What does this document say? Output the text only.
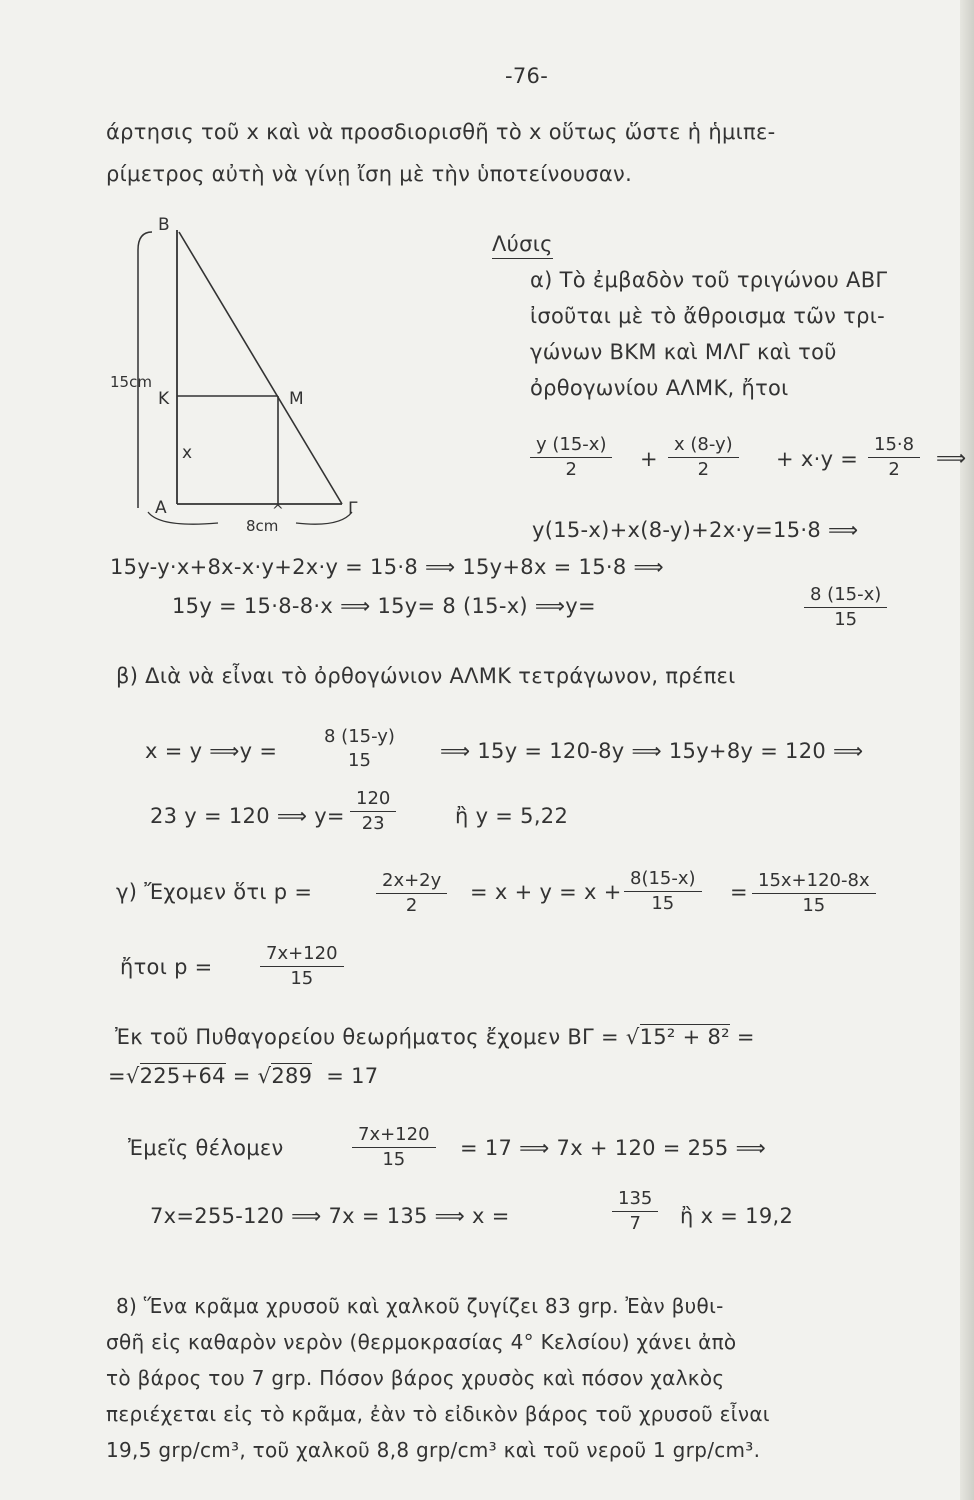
-76-
άρτησις τοῦ x καὶ νὰ προσδιορισθῆ τὸ x οὕτως ὥστε ἡ ἡμιπε-
ρίμετρος αὐτὴ νὰ γίνῃ ἴση μὲ τὴν ὑποτείνουσαν.
B
K	M
A	Γ
x
15cm
8cm
^
Λύσις
α) Τὸ ἐμβαδὸν τοῦ τριγώνου ΑΒΓ
ἰσοῦται μὲ τὸ ἄθροισμα τῶν τρι-
γώνων ΒΚΜ καὶ ΜΛΓ καὶ τοῦ
ὀρθογωνίου ΑΛΜΚ, ἤτοι
$\frac{y (15-x)}{2} + \frac{x (8-y)}{2} + x\cdot y = \frac{15\cdot 8}{2}$ ⟹
y(15-x)+x(8-y)+2x·y=15·8 ⟹
15y-y·x+8x-x·y+2x·y = 15·8 ⟹ 15y+8x = 15·8 ⟹
15y = 15·8-8·x ⟹ 15y= 8 (15-x) ⟹y=	$\frac{8 (15-x)}{15}$
β) Διὰ νὰ εἶναι τὸ ὀρθογώνιον ΑΛΜΚ τετράγωνον, πρέπει
x = y ⟹y =
8 (15-y)
15	⟹ 15y = 120-8y ⟹ 15y+8y = 120 ⟹
23 y = 120 ⟹ $y= \frac{120}{23}$	ἢ y = 5,22
γ) Ἔχομεν ὅτι p =	$\frac{2x+2y}{2} = x + y = x + \frac{8(15-x)}{15} = \frac{15x+120-8x}{15}$
ἤτοι p =	$\frac{7x+120}{15}$
Ἐκ τοῦ Πυθαγορείου θεωρήματος ἔχομεν ΒΓ = √15² + 8² =
=√225+64 = √289  = 17
Ἐμεῖς θέλομεν	$\frac{7x+120}{15} = 17$ ⟹ 7x + 120 = 255 ⟹
7x=255-120 ⟹ 7x = 135 ⟹ x =	$\frac{135}{7}$ ἢ x = 19,2
8) Ἕνα κρᾶμα χρυσοῦ καὶ χαλκοῦ ζυγίζει 83 grp. Ἐὰν βυθι-
σθῆ εἰς καθαρὸν νερὸν (θερμοκρασίας 4° Κελσίου) χάνει ἀπὸ
τὸ βάρος του 7 grp. Πόσον βάρος χρυσὸς καὶ πόσον χαλκὸς
περιέχεται εἰς τὸ κρᾶμα, ἐὰν τὸ εἰδικὸν βάρος τοῦ χρυσοῦ εἶναι
19,5 grp/cm³, τοῦ χαλκοῦ 8,8 grp/cm³ καὶ τοῦ νεροῦ 1 grp/cm³.
